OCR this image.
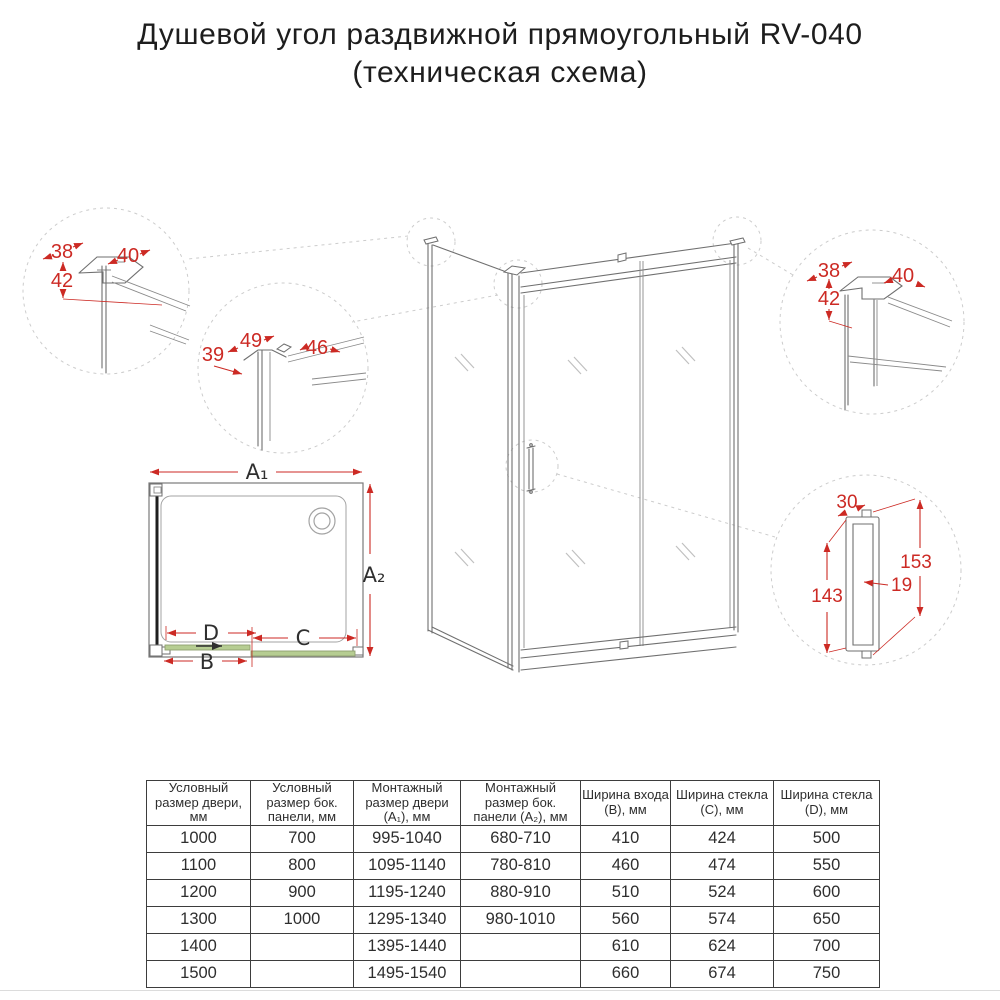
Душевой угол раздвижной прямоугольный RV-040
(техническая схема)
38 40
42
49
39	46
38	40
42
30
153
19
143
A₁
A₂
D	C
B
Условный размер двери, мм	Условный размер бок. панели, мм	Монтажный размер двери (A₁), мм	Монтажный размер бок. панели (A₂), мм	Ширина входа (B), мм	Ширина стекла (C), мм	Ширина стекла (D), мм
1000	700	995-1040	680-710	410	424	500
1100	800	1095-1140	780-810	460	474	550
1200	900	1195-1240	880-910	510	524	600
1300	1000	1295-1340	980-1010	560	574	650
1400		1395-1440		610	624	700
1500		1495-1540		660	674	750
